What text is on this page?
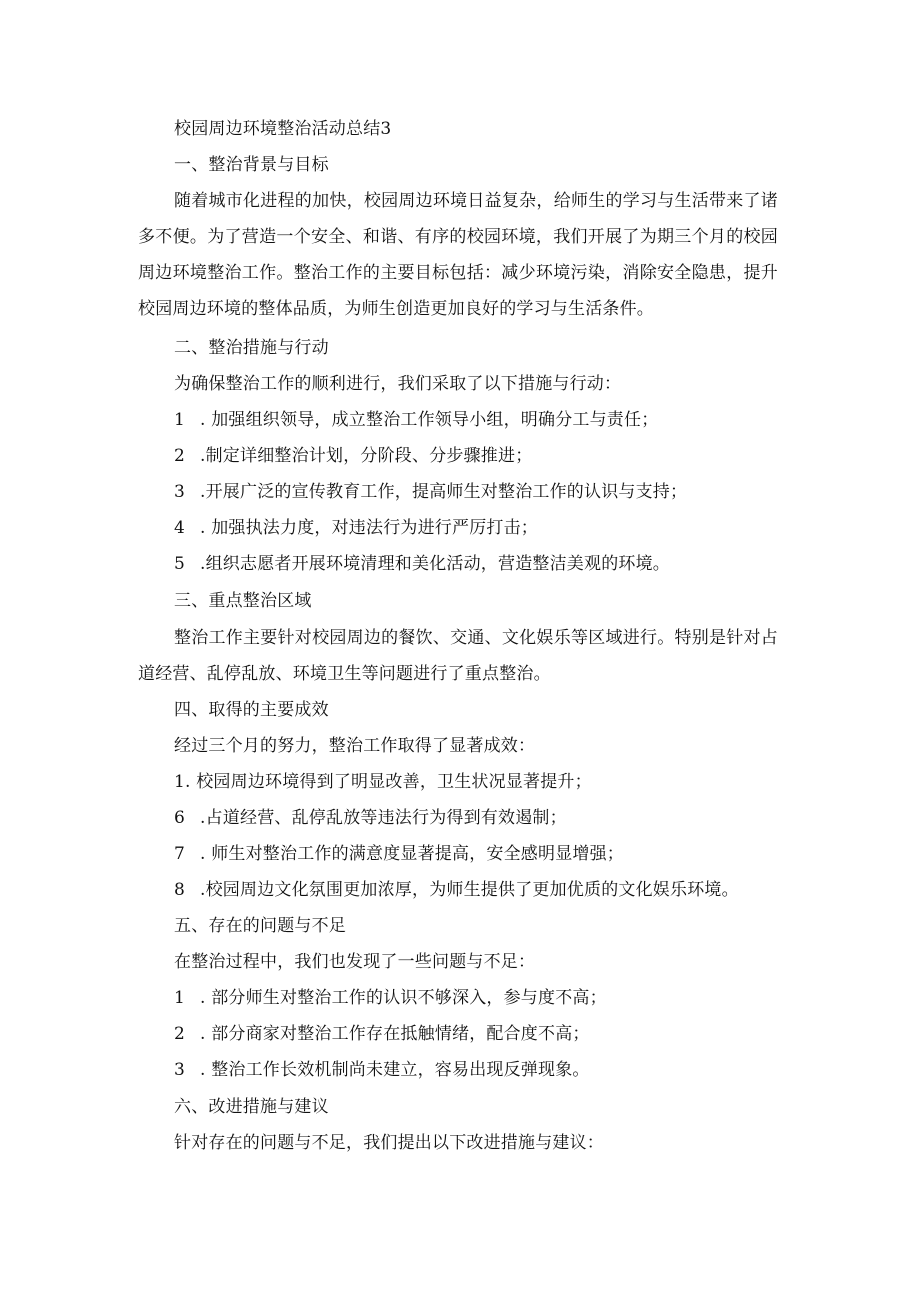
校园周边环境整治活动总结3
一、整治背景与目标
随着城市化进程的加快，校园周边环境日益复杂，给师生的学习与生活带来了诸多不便。为了营造一个安全、和谐、有序的校园环境，我们开展了为期三个月的校园周边环境整治工作。整治工作的主要目标包括：减少环境污染，消除安全隐患，提升校园周边环境的整体品质，为师生创造更加良好的学习与生活条件。
二、整治措施与行动
为确保整治工作的顺利进行，我们采取了以下措施与行动：
1 . 加强组织领导，成立整治工作领导小组，明确分工与责任；
2 .制定详细整治计划，分阶段、分步骤推进；
3 .开展广泛的宣传教育工作，提高师生对整治工作的认识与支持；
4 . 加强执法力度，对违法行为进行严厉打击；
5 .组织志愿者开展环境清理和美化活动，营造整洁美观的环境。
三、重点整治区域
整治工作主要针对校园周边的餐饮、交通、文化娱乐等区域进行。特别是针对占道经营、乱停乱放、环境卫生等问题进行了重点整治。
四、取得的主要成效
经过三个月的努力，整治工作取得了显著成效：
1. 校园周边环境得到了明显改善，卫生状况显著提升；
6 .占道经营、乱停乱放等违法行为得到有效遏制；
7 . 师生对整治工作的满意度显著提高，安全感明显增强；
8 .校园周边文化氛围更加浓厚，为师生提供了更加优质的文化娱乐环境。
五、存在的问题与不足
在整治过程中，我们也发现了一些问题与不足：
1 . 部分师生对整治工作的认识不够深入，参与度不高；
2 . 部分商家对整治工作存在抵触情绪，配合度不高；
3 . 整治工作长效机制尚未建立，容易出现反弹现象。
六、改进措施与建议
针对存在的问题与不足，我们提出以下改进措施与建议：
